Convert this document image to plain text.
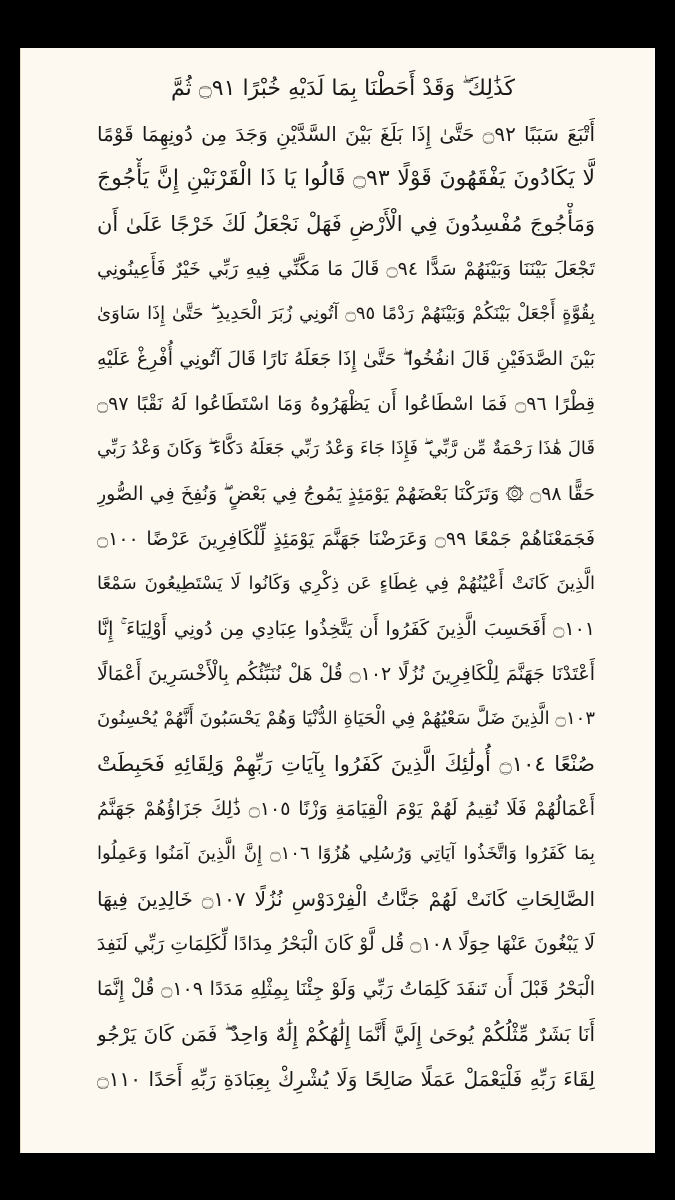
كَذَٰلِكَ ۖ وَقَدْ أَحَطْنَا بِمَا لَدَيْهِ خُبْرًا ۝٩١ ثُمَّ
أَتْبَعَ سَبَبًا ۝٩٢ حَتَّىٰ إِذَا بَلَغَ بَيْنَ السَّدَّيْنِ وَجَدَ مِن دُونِهِمَا قَوْمًا
لَّا يَكَادُونَ يَفْقَهُونَ قَوْلًا ۝٩٣ قَالُوا يَا ذَا الْقَرْنَيْنِ إِنَّ يَأْجُوجَ
وَمَأْجُوجَ مُفْسِدُونَ فِي الْأَرْضِ فَهَلْ نَجْعَلُ لَكَ خَرْجًا عَلَىٰ أَن
تَجْعَلَ بَيْنَنَا وَبَيْنَهُمْ سَدًّا ۝٩٤ قَالَ مَا مَكَّنِّي فِيهِ رَبِّي خَيْرٌ فَأَعِينُونِي
بِقُوَّةٍ أَجْعَلْ بَيْنَكُمْ وَبَيْنَهُمْ رَدْمًا ۝٩٥ آتُونِي زُبَرَ الْحَدِيدِ ۖ حَتَّىٰ إِذَا سَاوَىٰ
بَيْنَ الصَّدَفَيْنِ قَالَ انفُخُوا ۖ حَتَّىٰ إِذَا جَعَلَهُ نَارًا قَالَ آتُونِي أُفْرِغْ عَلَيْهِ
قِطْرًا ۝٩٦ فَمَا اسْطَاعُوا أَن يَظْهَرُوهُ وَمَا اسْتَطَاعُوا لَهُ نَقْبًا ۝٩٧
قَالَ هَٰذَا رَحْمَةٌ مِّن رَّبِّي ۖ فَإِذَا جَاءَ وَعْدُ رَبِّي جَعَلَهُ دَكَّاءَ ۖ وَكَانَ وَعْدُ رَبِّي
حَقًّا ۝٩٨ ۞ وَتَرَكْنَا بَعْضَهُمْ يَوْمَئِذٍ يَمُوجُ فِي بَعْضٍ ۖ وَنُفِخَ فِي الصُّورِ
فَجَمَعْنَاهُمْ جَمْعًا ۝٩٩ وَعَرَضْنَا جَهَنَّمَ يَوْمَئِذٍ لِّلْكَافِرِينَ عَرْضًا ۝١٠٠
الَّذِينَ كَانَتْ أَعْيُنُهُمْ فِي غِطَاءٍ عَن ذِكْرِي وَكَانُوا لَا يَسْتَطِيعُونَ سَمْعًا
۝١٠١ أَفَحَسِبَ الَّذِينَ كَفَرُوا أَن يَتَّخِذُوا عِبَادِي مِن دُونِي أَوْلِيَاءَ ۚ إِنَّا
أَعْتَدْنَا جَهَنَّمَ لِلْكَافِرِينَ نُزُلًا ۝١٠٢ قُلْ هَلْ نُنَبِّئُكُم بِالْأَخْسَرِينَ أَعْمَالًا
۝١٠٣ الَّذِينَ ضَلَّ سَعْيُهُمْ فِي الْحَيَاةِ الدُّنْيَا وَهُمْ يَحْسَبُونَ أَنَّهُمْ يُحْسِنُونَ
صُنْعًا ۝١٠٤ أُولَٰئِكَ الَّذِينَ كَفَرُوا بِآيَاتِ رَبِّهِمْ وَلِقَائِهِ فَحَبِطَتْ
أَعْمَالُهُمْ فَلَا نُقِيمُ لَهُمْ يَوْمَ الْقِيَامَةِ وَزْنًا ۝١٠٥ ذَٰلِكَ جَزَاؤُهُمْ جَهَنَّمُ
بِمَا كَفَرُوا وَاتَّخَذُوا آيَاتِي وَرُسُلِي هُزُوًا ۝١٠٦ إِنَّ الَّذِينَ آمَنُوا وَعَمِلُوا
الصَّالِحَاتِ كَانَتْ لَهُمْ جَنَّاتُ الْفِرْدَوْسِ نُزُلًا ۝١٠٧ خَالِدِينَ فِيهَا
لَا يَبْغُونَ عَنْهَا حِوَلًا ۝١٠٨ قُل لَّوْ كَانَ الْبَحْرُ مِدَادًا لِّكَلِمَاتِ رَبِّي لَنَفِدَ
الْبَحْرُ قَبْلَ أَن تَنفَدَ كَلِمَاتُ رَبِّي وَلَوْ جِئْنَا بِمِثْلِهِ مَدَدًا ۝١٠٩ قُلْ إِنَّمَا
أَنَا بَشَرٌ مِّثْلُكُمْ يُوحَىٰ إِلَيَّ أَنَّمَا إِلَٰهُكُمْ إِلَٰهٌ وَاحِدٌ ۖ فَمَن كَانَ يَرْجُو
لِقَاءَ رَبِّهِ فَلْيَعْمَلْ عَمَلًا صَالِحًا وَلَا يُشْرِكْ بِعِبَادَةِ رَبِّهِ أَحَدًا ۝١١٠
